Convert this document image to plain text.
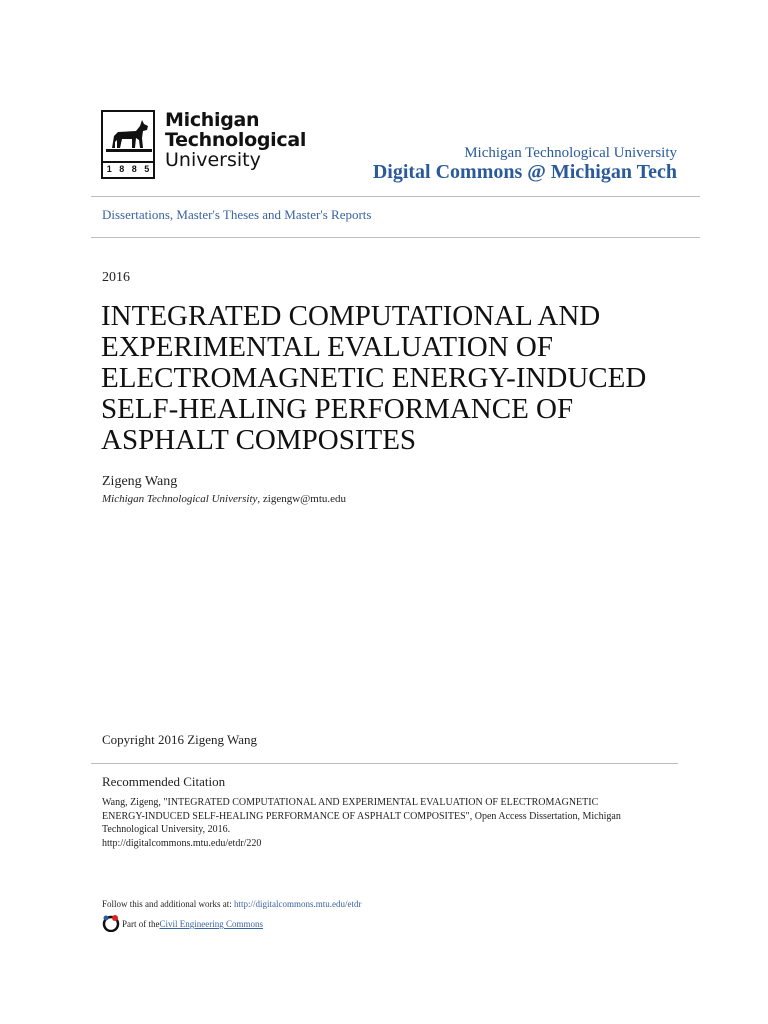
1 8 8 5
Michigan
Technological
University	Michigan Technological University
Digital Commons @ Michigan Tech
Dissertations, Master's Theses and Master's Reports
2016
INTEGRATED COMPUTATIONAL AND
EXPERIMENTAL EVALUATION OF
ELECTROMAGNETIC ENERGY-INDUCED
SELF-HEALING PERFORMANCE OF
ASPHALT COMPOSITES
Zigeng Wang
Michigan Technological University, zigengw@mtu.edu
Copyright 2016 Zigeng Wang
Recommended Citation
Wang, Zigeng, "INTEGRATED COMPUTATIONAL AND EXPERIMENTAL EVALUATION OF ELECTROMAGNETIC
ENERGY-INDUCED SELF-HEALING PERFORMANCE OF ASPHALT COMPOSITES", Open Access Dissertation, Michigan
Technological University, 2016.
http://digitalcommons.mtu.edu/etdr/220
Follow this and additional works at: http://digitalcommons.mtu.edu/etdr
Part of the Civil Engineering Commons
